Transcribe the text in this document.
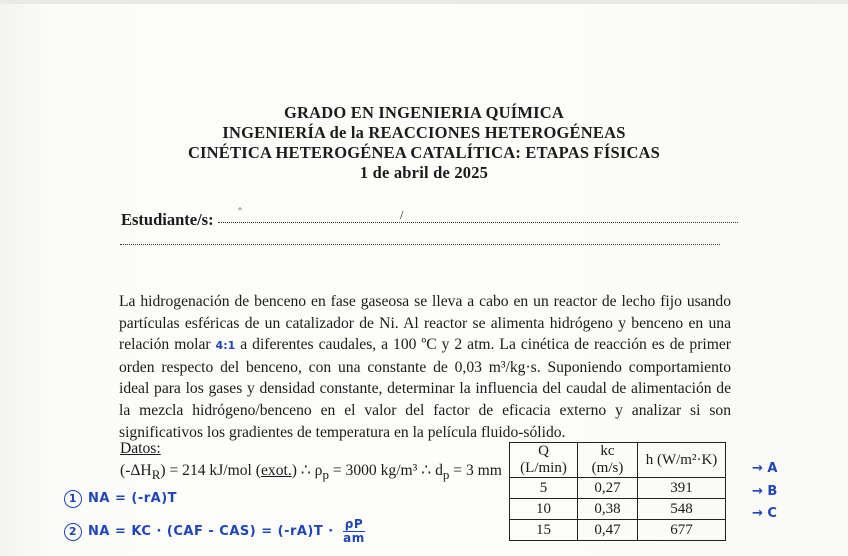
GRADO EN INGENIERIA QUÍMICA
INGENIERÍA de la REACCIONES HETEROGÉNEAS
CINÉTICA HETEROGÉNEA CATALÍTICA: ETAPAS FÍSICAS
1 de abril de 2025
Estudiante/s: ᐢ	/
La hidrogenación de benceno en fase gaseosa se lleva a cabo en un reactor de lecho fijo usando partículas esféricas de un catalizador de Ni. Al reactor se alimenta hidrógeno y benceno en una relación molar 4:1 a diferentes caudales, a 100 ºC y 2 atm. La cinética de reacción es de primer orden respecto del benceno, con una constante de 0,03 m³/kg·s. Suponiendo comportamiento ideal para los gases y densidad constante, determinar la influencia del caudal de alimentación de la mezcla hidrógeno/benceno en el valor del factor de eficacia externo y analizar si son significativos los gradientes de temperatura en la película fluido-sólido.
Datos:
$(-\Delta H_R) = 214$ kJ/mol (exot.) ∴ $\rho_p = 3000$ kg/m³ ∴ $d_p = 3$ mm
Q (L/min)	kc (m/s)	h (W/m²·K)
5	0,27	391
10	0,38	548
15	0,47	677
→ A
→ B
→ C
1 NA = (-rA)T
2 NA = KC · $(CAF - CAS) = (-rA)T \cdot \frac{\rho P}{am}$
